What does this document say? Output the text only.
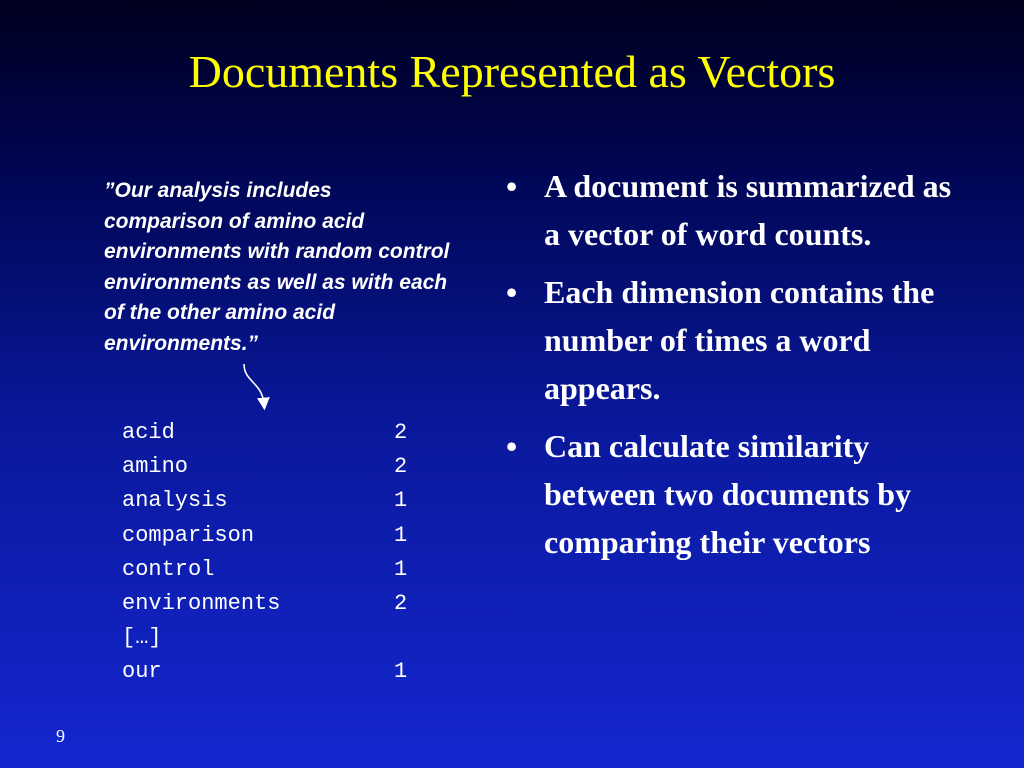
Documents Represented as Vectors

”Our analysis includes comparison of amino acid environments with random control environments as well as with each of the other amino acid environments.”

acid	2
amino	2
analysis	1
comparison	1
control	1
environments	2
[…]	
our	1
• A document is summarized as a vector of word counts.
• Each dimension contains the number of times a word appears.
• Can calculate similarity between two documents by comparing their vectors
9
